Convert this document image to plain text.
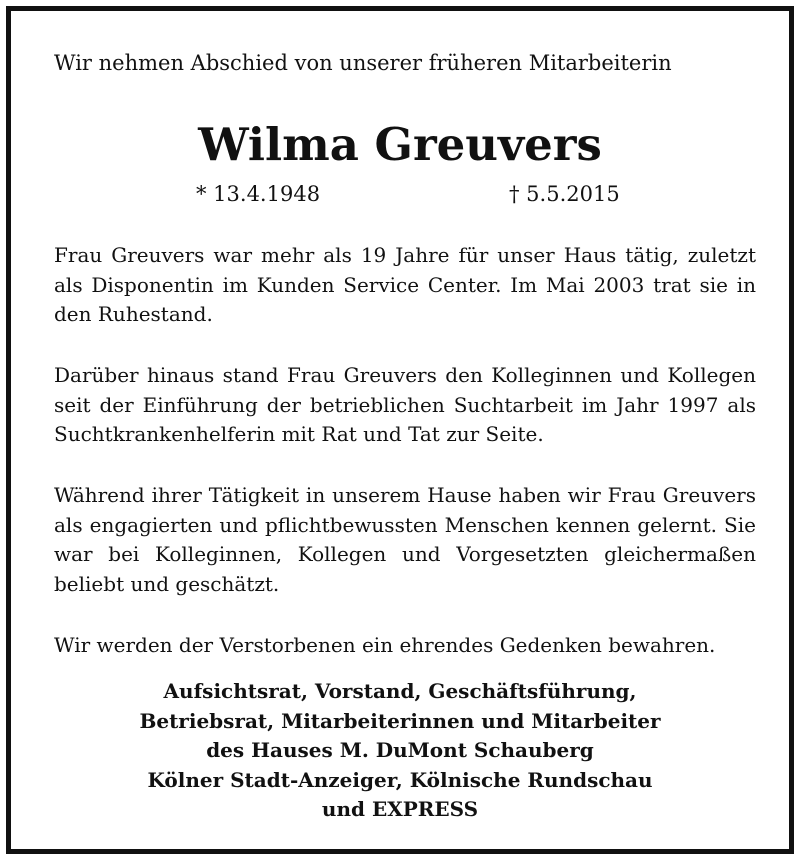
Wir nehmen Abschied von unserer früheren Mitarbeiterin
Wilma Greuvers
* 13.4.1948	† 5.5.2015

Frau Greuvers war mehr als 19 Jahre für unser Haus tätig, zuletzt als Disponentin im Kunden Service Center. Im Mai 2003 trat sie in den Ruhestand.

Darüber hinaus stand Frau Greuvers den Kolleginnen und Kollegen seit der Einführung der betrieblichen Suchtarbeit im Jahr 1997 als Suchtkrankenhelferin mit Rat und Tat zur Seite.

Während ihrer Tätigkeit in unserem Hause haben wir Frau Greuvers als engagierten und pflichtbewussten Menschen kennen gelernt. Sie war bei Kolleginnen, Kollegen und Vorgesetzten gleichermaßen beliebt und geschätzt.

Wir werden der Verstorbenen ein ehrendes Gedenken bewahren.

Aufsichtsrat, Vorstand, Geschäftsführung,
Betriebsrat, Mitarbeiterinnen und Mitarbeiter
des Hauses M. DuMont Schauberg
Kölner Stadt-Anzeiger, Kölnische Rundschau
und EXPRESS
